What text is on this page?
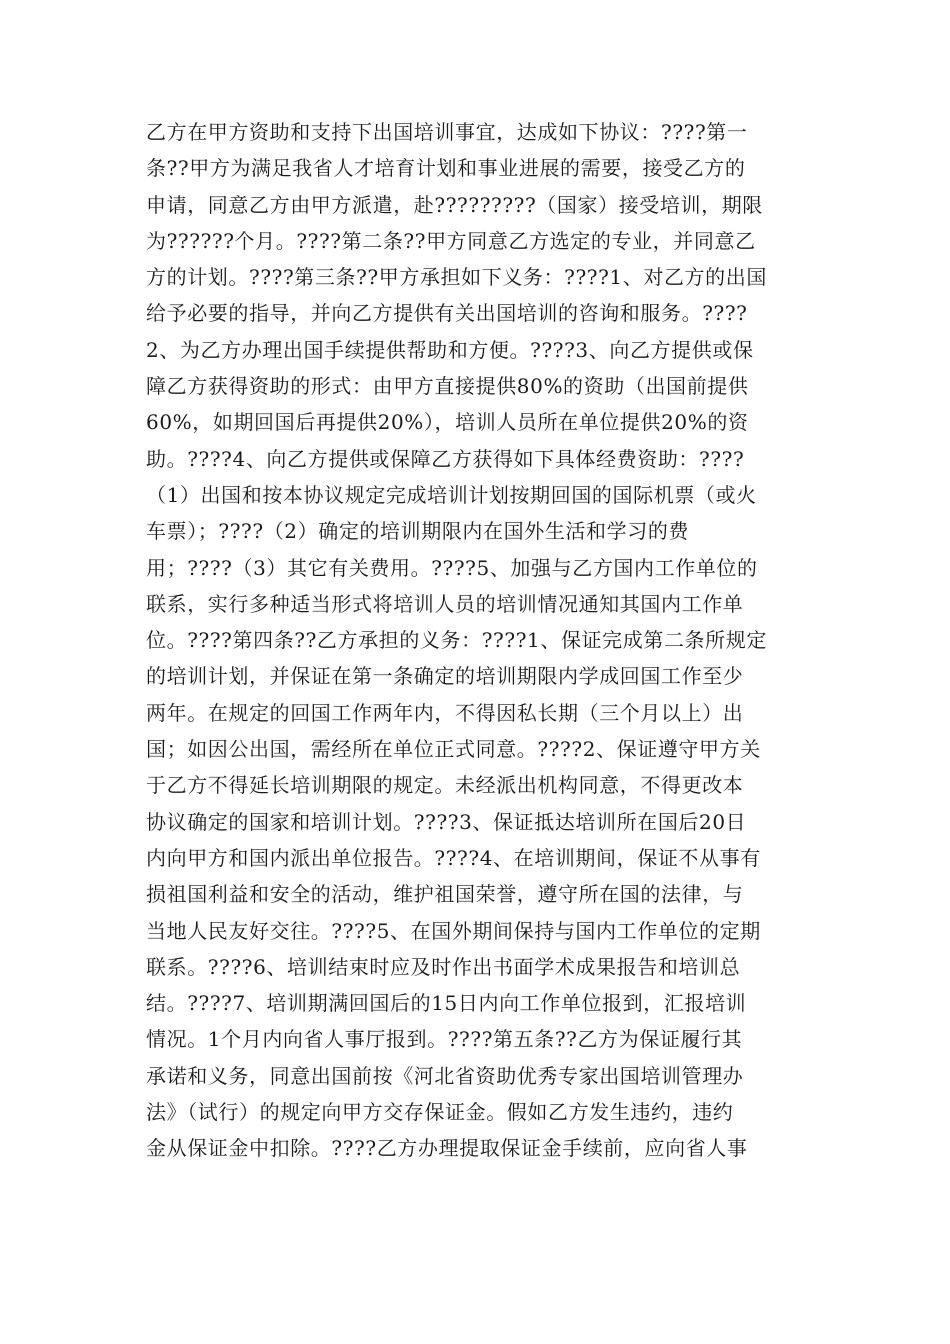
乙方在甲方资助和支持下出国培训事宜，达成如下协议：????第一
条??甲方为满足我省人才培育计划和事业进展的需要，接受乙方的
申请，同意乙方由甲方派遣，赴?????????（国家）接受培训，期限
为??????个月。????第二条??甲方同意乙方选定的专业，并同意乙
方的计划。????第三条??甲方承担如下义务：????1、对乙方的出国
给予必要的指导，并向乙方提供有关出国培训的咨询和服务。????
2、为乙方办理出国手续提供帮助和方便。????3、向乙方提供或保
障乙方获得资助的形式：由甲方直接提供80%的资助（出国前提供
60%，如期回国后再提供20%），培训人员所在单位提供20%的资
助。????4、向乙方提供或保障乙方获得如下具体经费资助：????
（1）出国和按本协议规定完成培训计划按期回国的国际机票（或火
车票）；????（2）确定的培训期限内在国外生活和学习的费
用；????（3）其它有关费用。????5、加强与乙方国内工作单位的
联系，实行多种适当形式将培训人员的培训情况通知其国内工作单
位。????第四条??乙方承担的义务：????1、保证完成第二条所规定
的培训计划，并保证在第一条确定的培训期限内学成回国工作至少
两年。在规定的回国工作两年内，不得因私长期（三个月以上）出
国；如因公出国，需经所在单位正式同意。????2、保证遵守甲方关
于乙方不得延长培训期限的规定。未经派出机构同意，不得更改本
协议确定的国家和培训计划。????3、保证抵达培训所在国后20日
内向甲方和国内派出单位报告。????4、在培训期间，保证不从事有
损祖国利益和安全的活动，维护祖国荣誉，遵守所在国的法律，与
当地人民友好交往。????5、在国外期间保持与国内工作单位的定期
联系。????6、培训结束时应及时作出书面学术成果报告和培训总
结。????7、培训期满回国后的15日内向工作单位报到，汇报培训
情况。1个月内向省人事厅报到。????第五条??乙方为保证履行其
承诺和义务，同意出国前按《河北省资助优秀专家出国培训管理办
法》（试行）的规定向甲方交存保证金。假如乙方发生违约，违约
金从保证金中扣除。????乙方办理提取保证金手续前，应向省人事
